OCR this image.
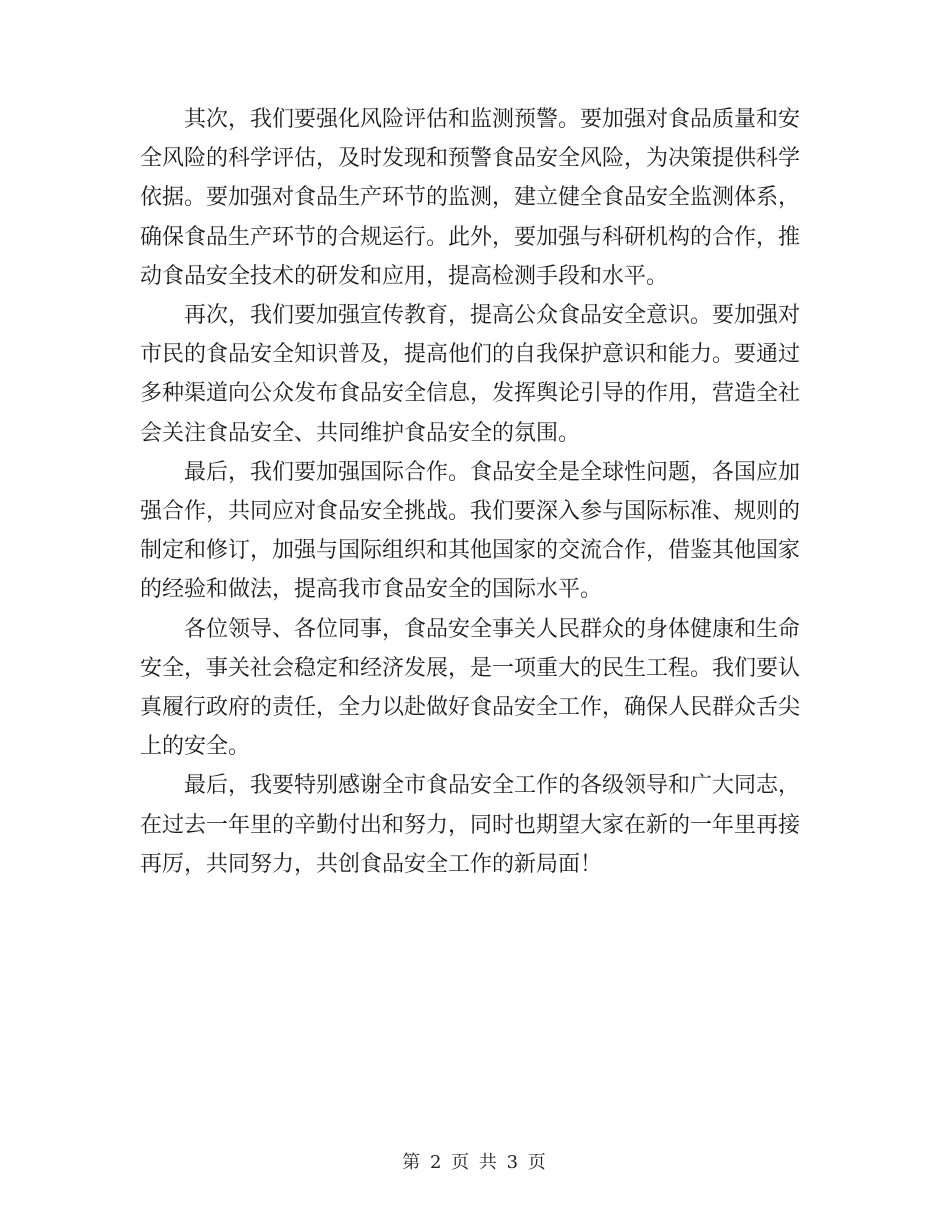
其次，我们要强化风险评估和监测预警。要加强对食品质量和安全风险的科学评估，及时发现和预警食品安全风险，为决策提供科学依据。要加强对食品生产环节的监测，建立健全食品安全监测体系，确保食品生产环节的合规运行。此外，要加强与科研机构的合作，推动食品安全技术的研发和应用，提高检测手段和水平。

再次，我们要加强宣传教育，提高公众食品安全意识。要加强对市民的食品安全知识普及，提高他们的自我保护意识和能力。要通过多种渠道向公众发布食品安全信息，发挥舆论引导的作用，营造全社会关注食品安全、共同维护食品安全的氛围。

最后，我们要加强国际合作。食品安全是全球性问题，各国应加强合作，共同应对食品安全挑战。我们要深入参与国际标准、规则的制定和修订，加强与国际组织和其他国家的交流合作，借鉴其他国家的经验和做法，提高我市食品安全的国际水平。

各位领导、各位同事，食品安全事关人民群众的身体健康和生命安全，事关社会稳定和经济发展，是一项重大的民生工程。我们要认真履行政府的责任，全力以赴做好食品安全工作，确保人民群众舌尖上的安全。

最后，我要特别感谢全市食品安全工作的各级领导和广大同志，在过去一年里的辛勤付出和努力，同时也期望大家在新的一年里再接再厉，共同努力，共创食品安全工作的新局面！

第 2 页 共 3 页
